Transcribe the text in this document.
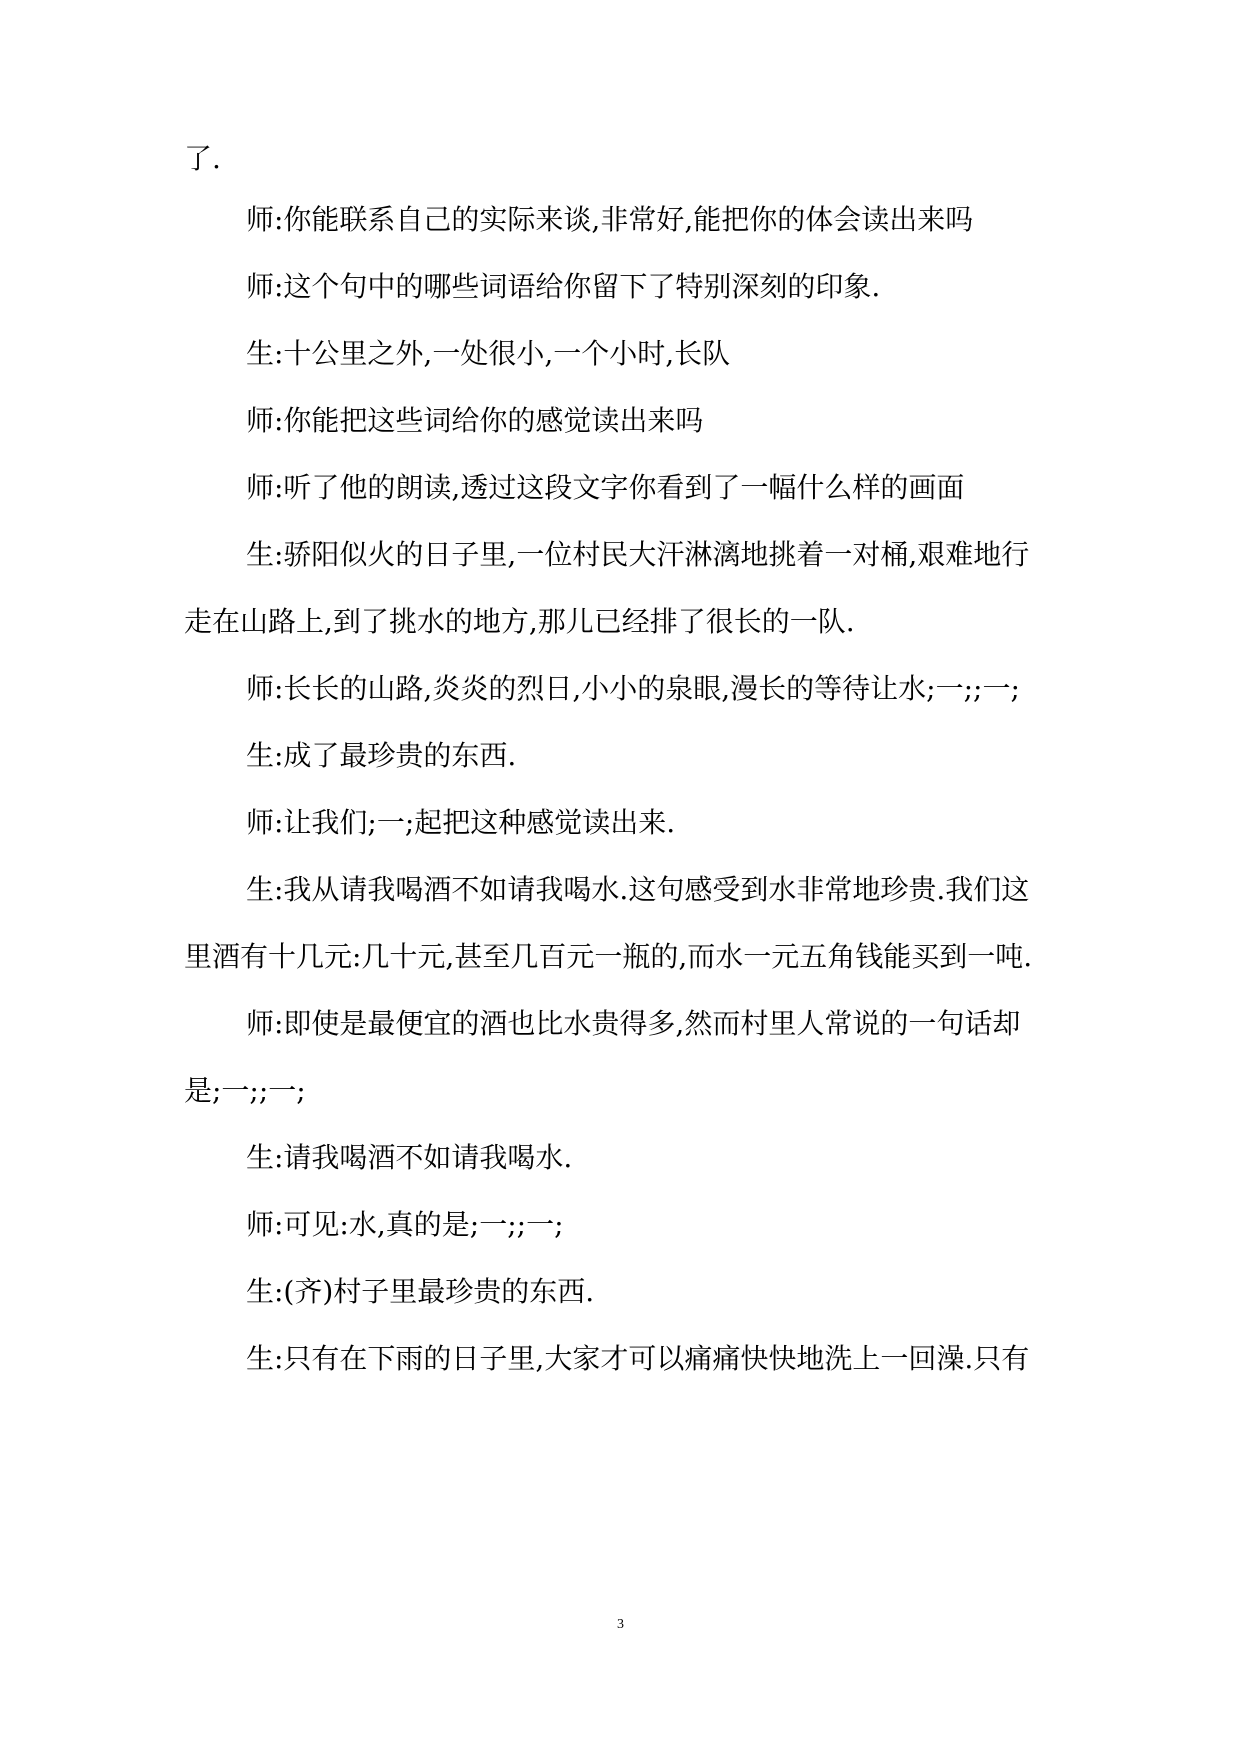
了.
师:你能联系自己的实际来谈,非常好,能把你的体会读出来吗
师:这个句中的哪些词语给你留下了特别深刻的印象.
生:十公里之外,一处很小,一个小时,长队
师:你能把这些词给你的感觉读出来吗
师:听了他的朗读,透过这段文字你看到了一幅什么样的画面
生:骄阳似火的日子里,一位村民大汗淋漓地挑着一对桶,艰难地行
走在山路上,到了挑水的地方,那儿已经排了很长的一队.
师:长长的山路,炎炎的烈日,小小的泉眼,漫长的等待让水;一;;一;
生:成了最珍贵的东西.
师:让我们;一;起把这种感觉读出来.
生:我从请我喝酒不如请我喝水.这句感受到水非常地珍贵.我们这
里酒有十几元:几十元,甚至几百元一瓶的,而水一元五角钱能买到一吨.
师:即使是最便宜的酒也比水贵得多,然而村里人常说的一句话却
是;一;;一;
生:请我喝酒不如请我喝水.
师:可见:水,真的是;一;;一;
生:(齐)村子里最珍贵的东西.
生:只有在下雨的日子里,大家才可以痛痛快快地洗上一回澡.只有
3
